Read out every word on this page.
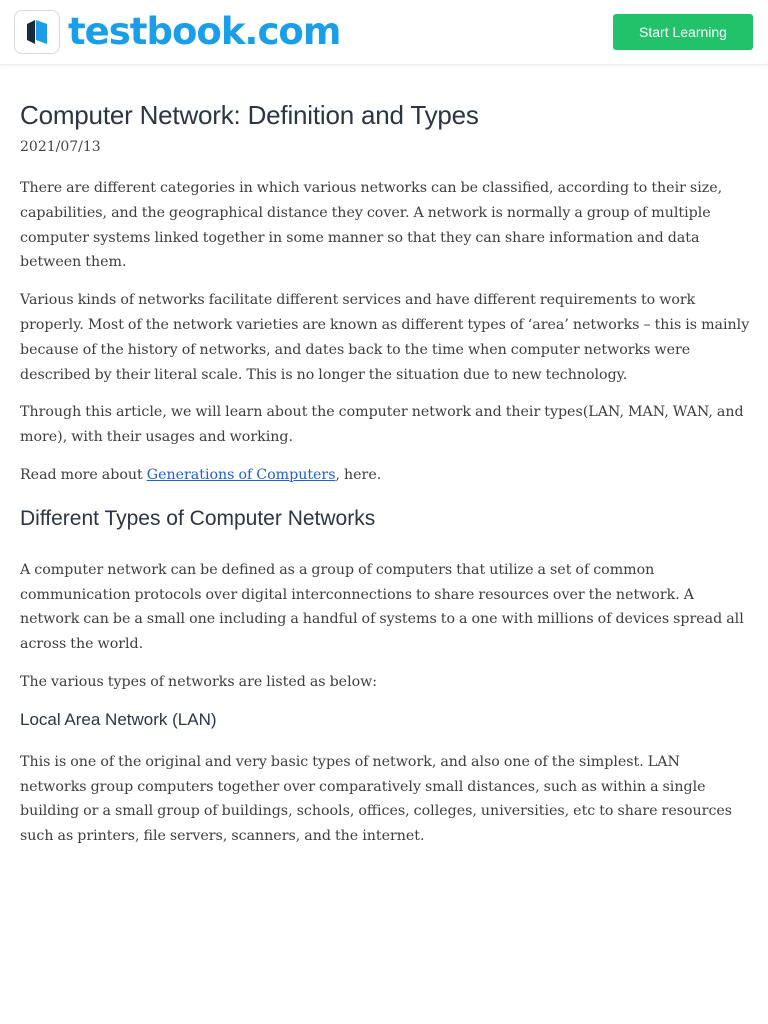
testbook.com	Start Learning
Computer Network: Definition and Types
2021/07/13

There are different categories in which various networks can be classified, according to their size, capabilities, and the geographical distance they cover. A network is normally a group of multiple computer systems linked together in some manner so that they can share information and data between them.

Various kinds of networks facilitate different services and have different requirements to work properly. Most of the network varieties are known as different types of ‘area’ networks – this is mainly because of the history of networks, and dates back to the time when computer networks were described by their literal scale. This is no longer the situation due to new technology.

Through this article, we will learn about the computer network and their types(LAN, MAN, WAN, and more), with their usages and working.

Read more about Generations of Computers, here.

Different Types of Computer Networks

A computer network can be defined as a group of computers that utilize a set of common communication protocols over digital interconnections to share resources over the network. A network can be a small one including a handful of systems to a one with millions of devices spread all across the world.

The various types of networks are listed as below:

Local Area Network (LAN)

This is one of the original and very basic types of network, and also one of the simplest. LAN networks group computers together over comparatively small distances, such as within a single building or a small group of buildings, schools, offices, colleges, universities, etc to share resources such as printers, file servers, scanners, and the internet.
